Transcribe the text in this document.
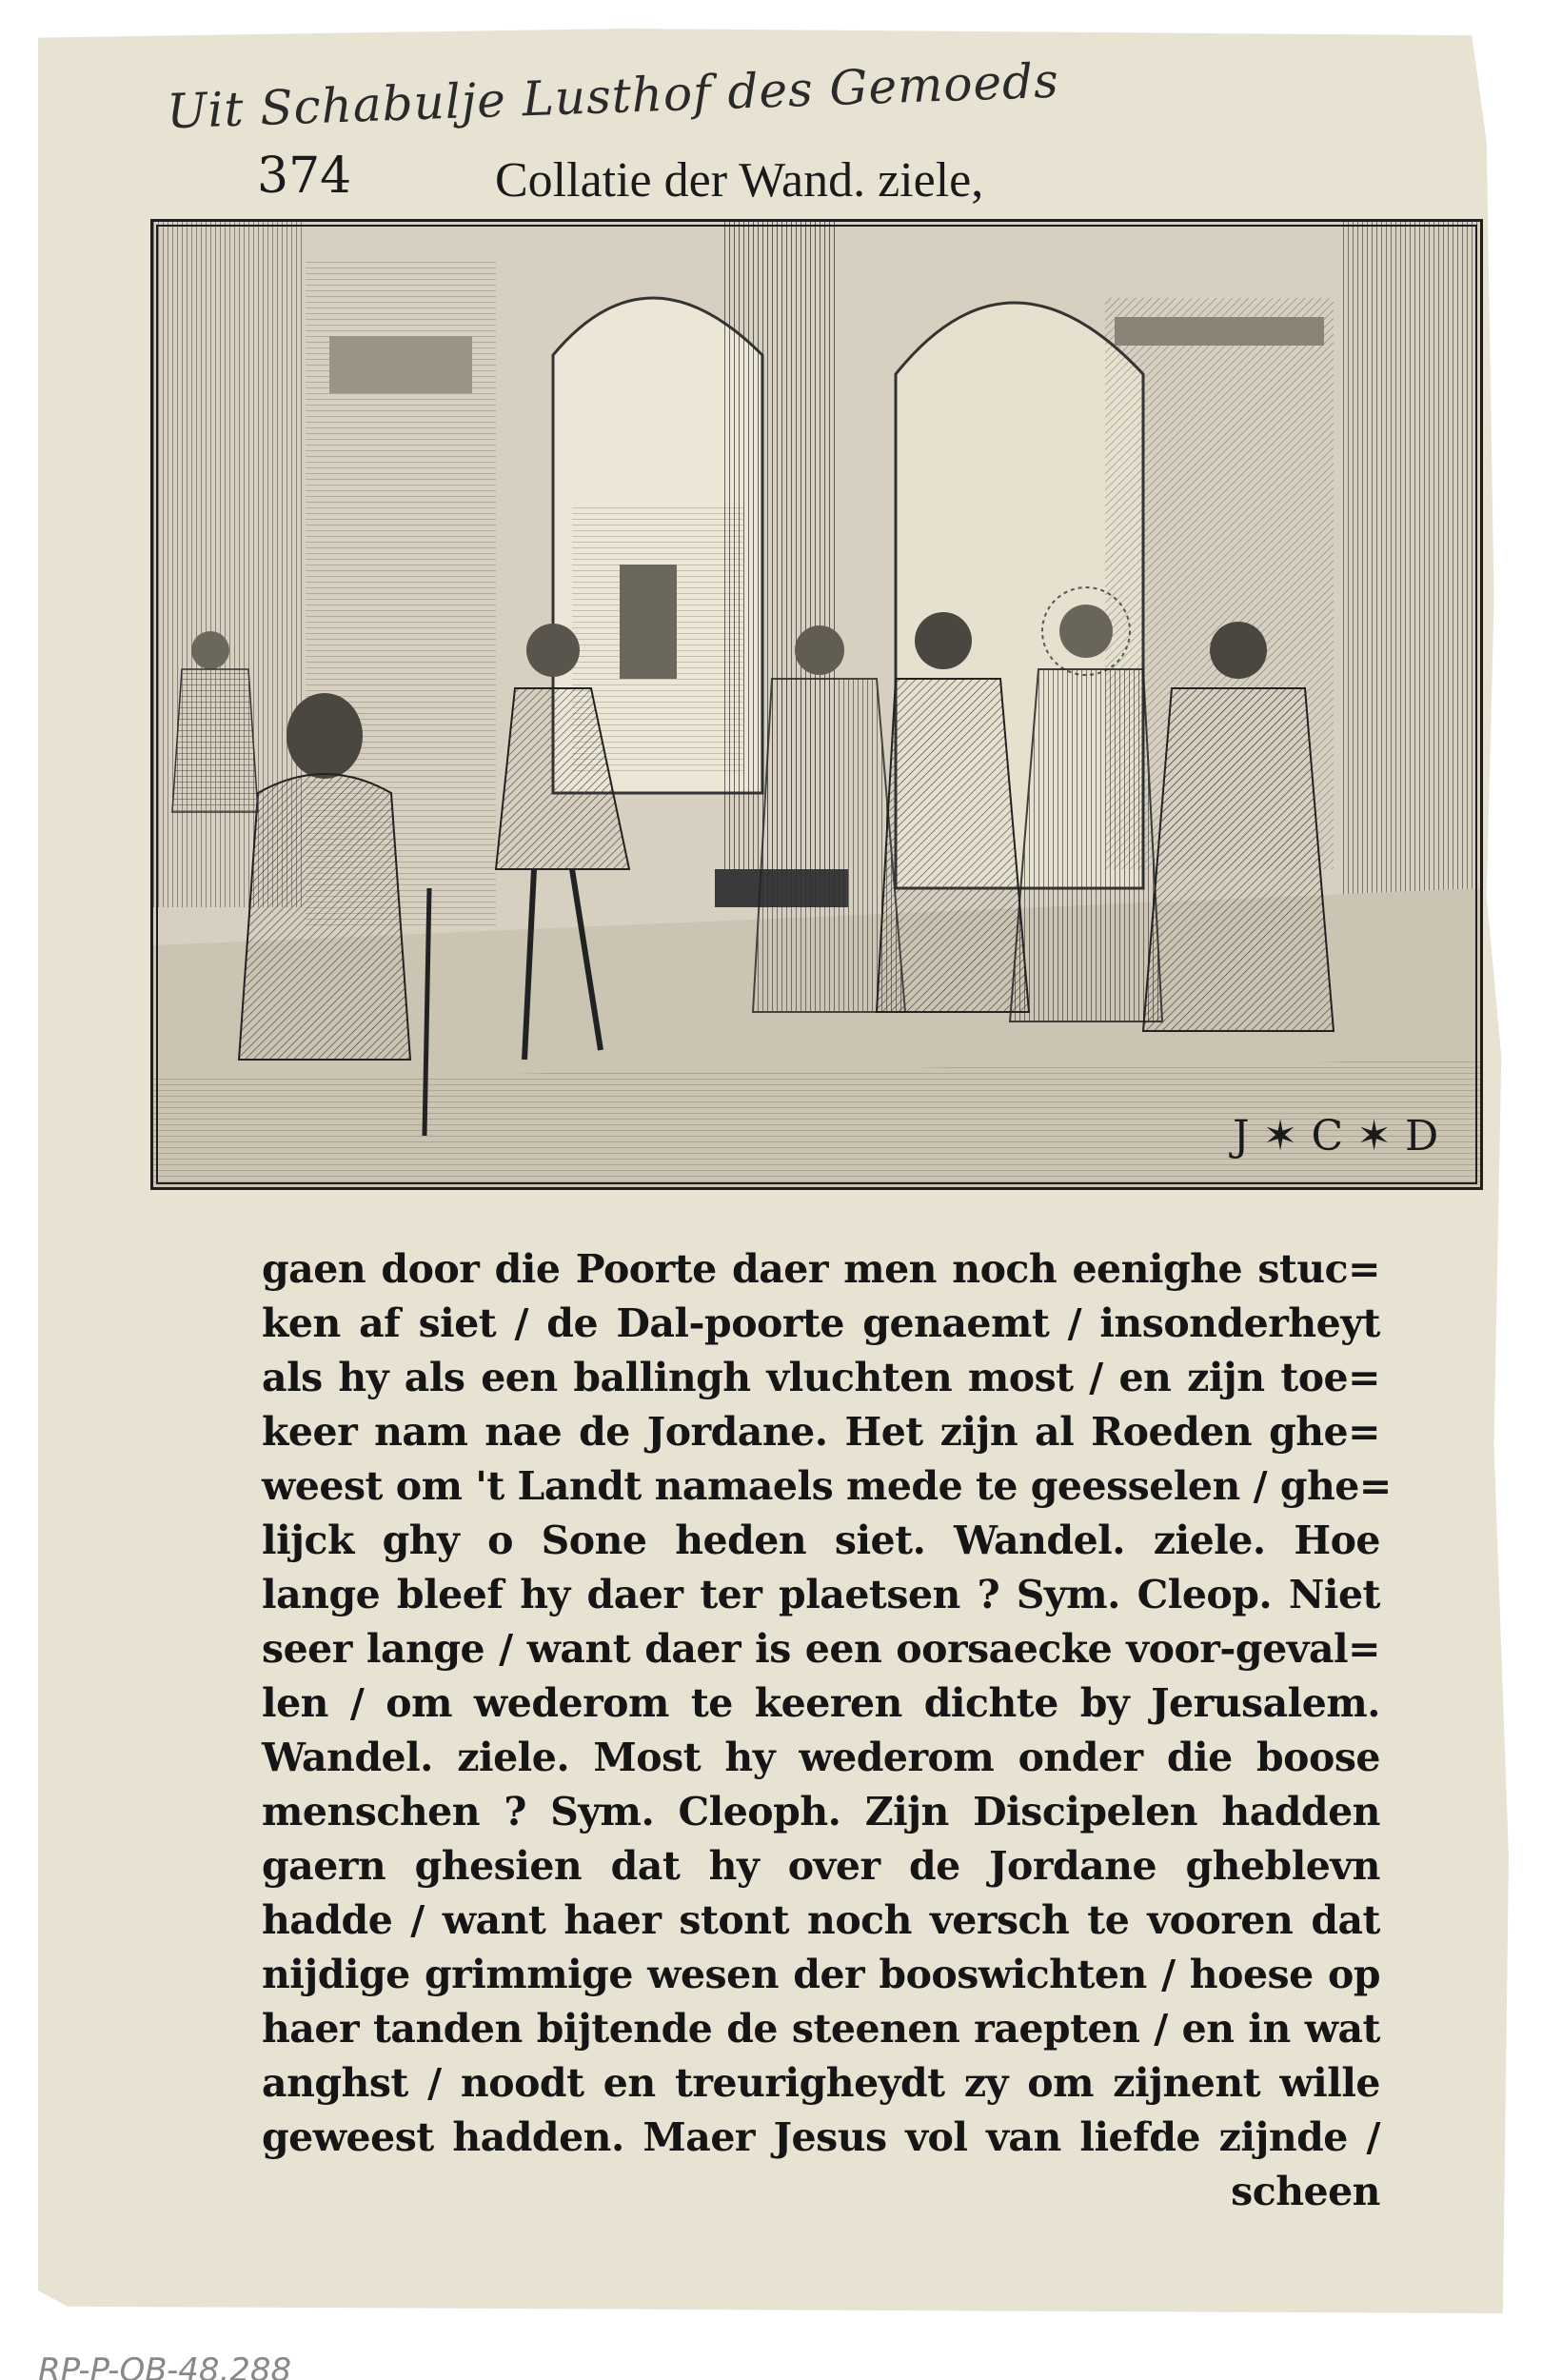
Uit Schabulje Lusthof des Gemoeds
374	Collatie der Wand. ziele,
J ✶ C ✶ D
gaen door die Poorte daer men noch eenighe stuc=
ken af siet / de Dal-poorte genaemt / insonderheyt
als hy als een ballingh vluchten most / en zijn toe=
keer nam nae de Jordane. Het zijn al Roeden ghe=
weest om 't Landt namaels mede te geesselen / ghe=
lijck ghy o Sone heden siet. Wandel. ziele. Hoe
lange bleef hy daer ter plaetsen ? Sym. Cleop. Niet
seer lange / want daer is een oorsaecke voor-geval=
len / om wederom te keeren dichte by Jerusalem.
Wandel. ziele. Most hy wederom onder die boose
menschen ? Sym. Cleoph. Zijn Discipelen hadden
gaern ghesien dat hy over de Jordane gheblevn
hadde / want haer stont noch versch te vooren dat
nijdige grimmige wesen der booswichten / hoese op
haer tanden bijtende de steenen raepten / en in wat
anghst / noodt en treurigheydt zy om zijnent wille
geweest hadden. Maer Jesus vol van liefde zijnde /
scheen
RP-P-OB-48.288
